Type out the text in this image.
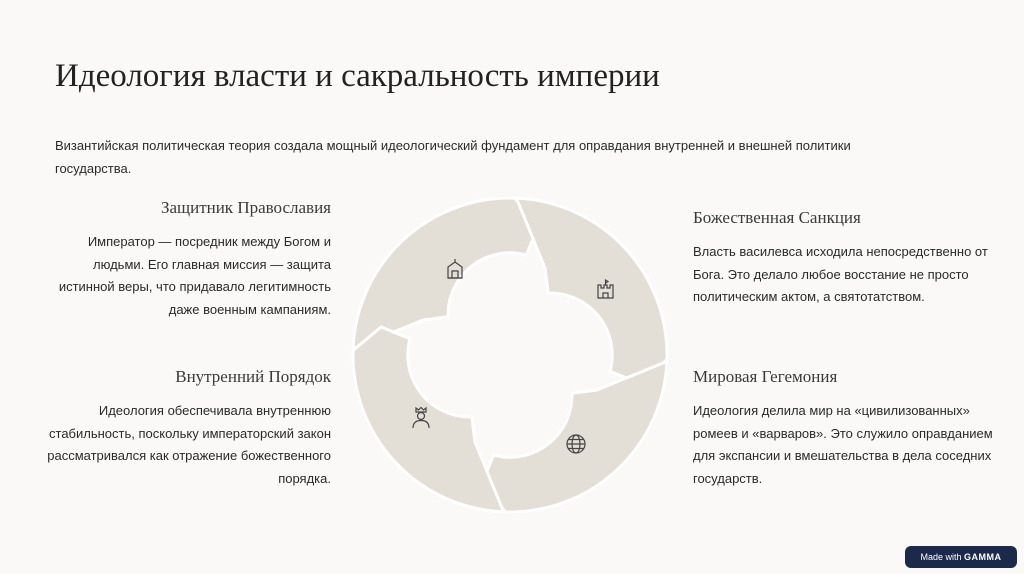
Идеология власти и сакральность империи

Византийская политическая теория создала мощный идеологический фундамент для оправдания внутренней и внешней политики государства.

Защитник Православия

Император — посредник между Богом и людьми. Его главная миссия — защита истинной веры, что придавало легитимность даже военным кампаниям.

Внутренний Порядок

Идеология обеспечивала внутреннюю стабильность, поскольку императорский закон рассматривался как отражение божественного порядка.

Божественная Санкция

Власть василевса исходила непосредственно от Бога. Это делало любое восстание не просто политическим актом, а святотатством.

Мировая Гегемония

Идеология делила мир на «цивилизованных» ромеев и «варваров». Это служило оправданием для экспансии и вмешательства в дела соседних государств.

Made with GAMMA
